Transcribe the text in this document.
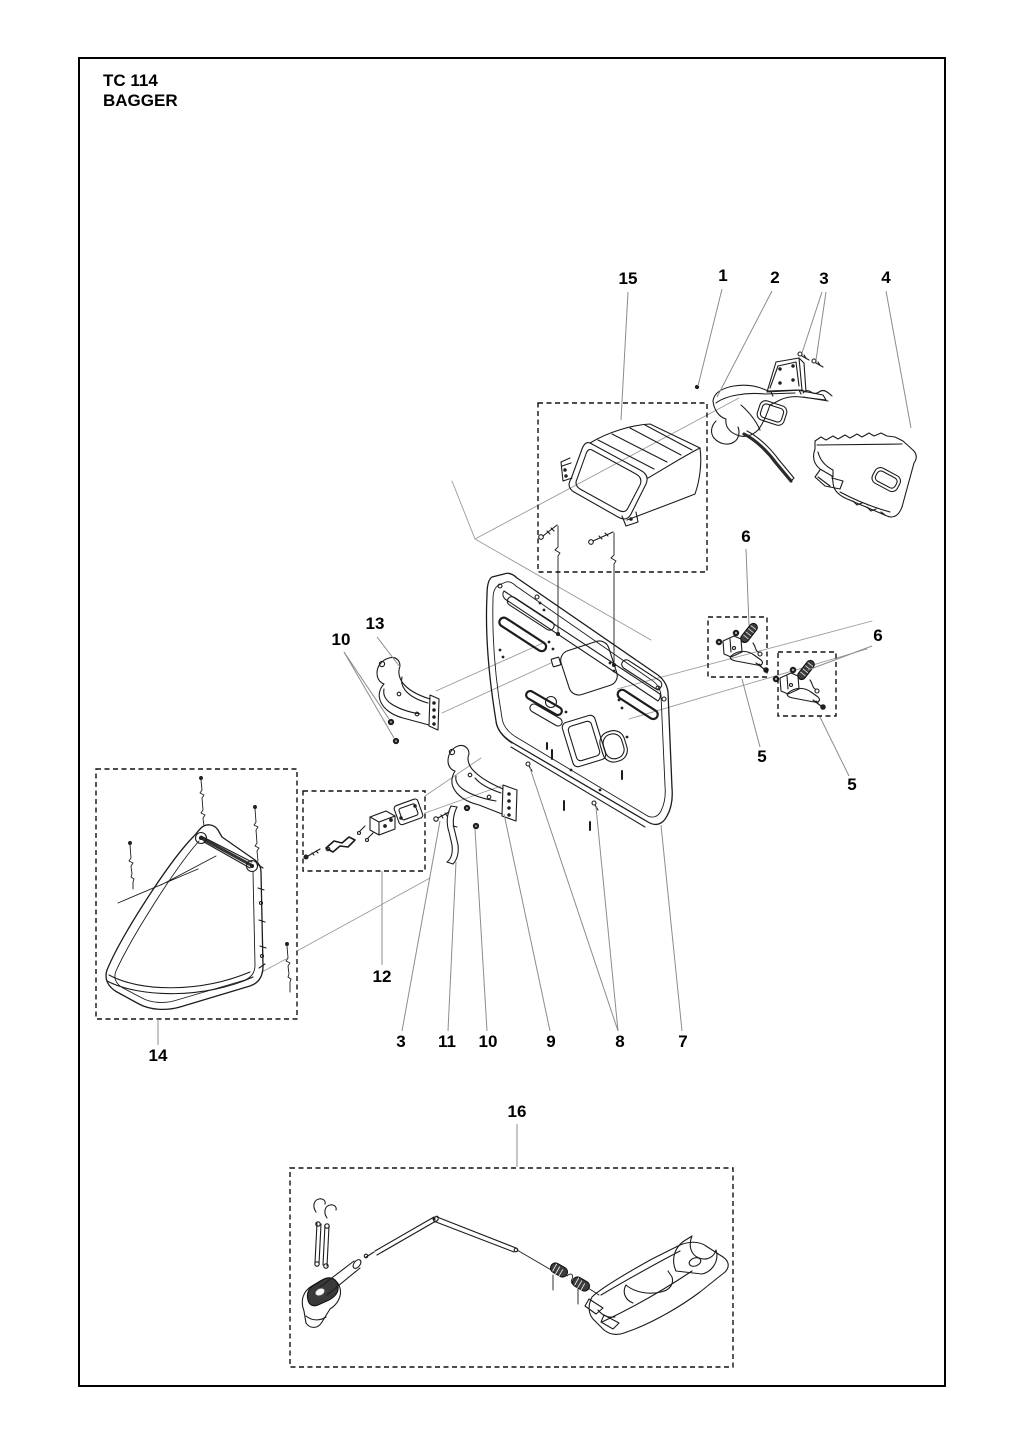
TC 114
BAGGER
15	1	2 3	4
6
6
5
5
13
10
12
14
3 11 10	9	8	7
16
